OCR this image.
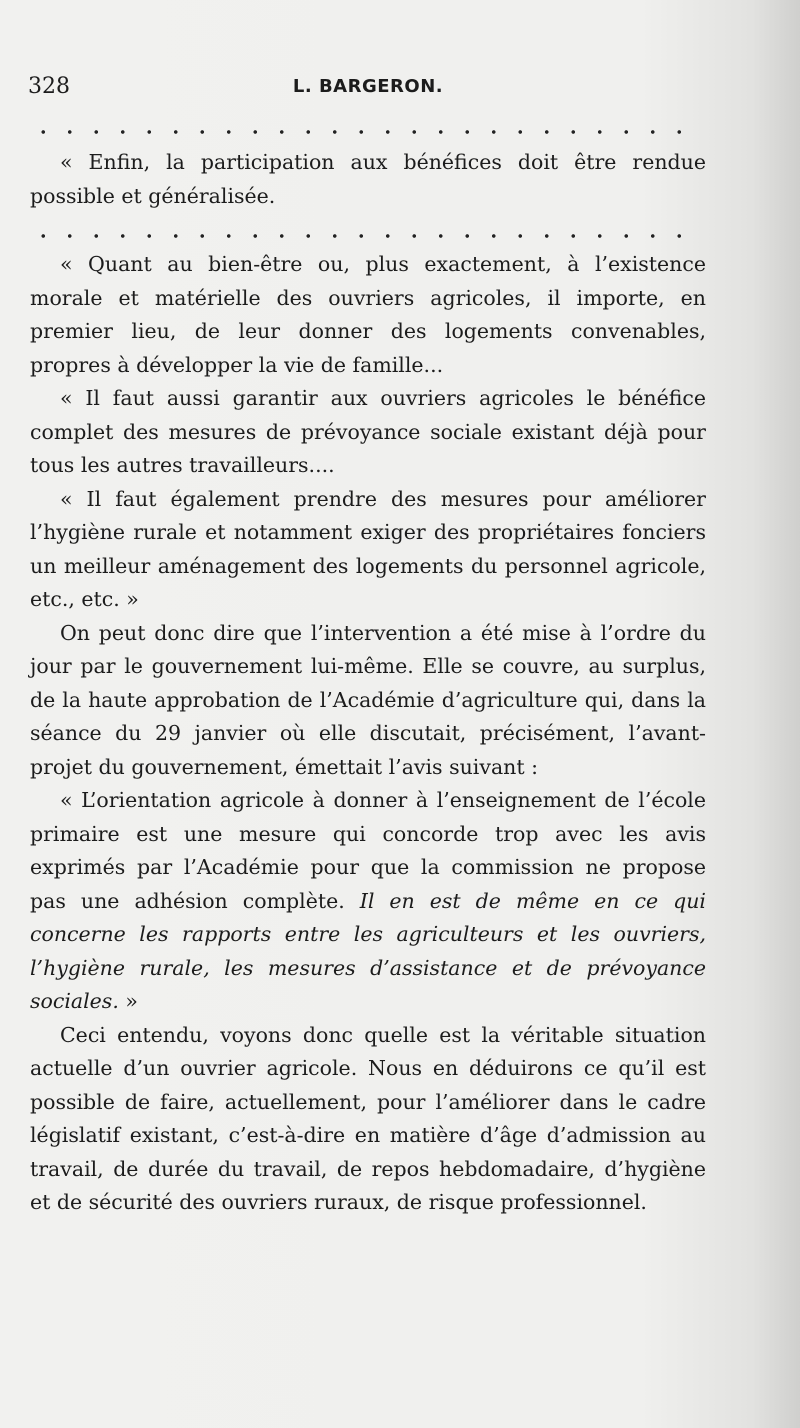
328	L. BARGERON.

« Enfin, la participation aux bénéfices doit être rendue possible et généralisée.

« Quant au bien-être ou, plus exactement, à l’existence morale et matérielle des ouvriers agricoles, il importe, en premier lieu, de leur donner des logements convenables, propres à développer la vie de famille...

« Il faut aussi garantir aux ouvriers agricoles le bénéfice complet des mesures de prévoyance sociale existant déjà pour tous les autres travailleurs....

« Il faut également prendre des mesures pour améliorer l’hygiène rurale et notamment exiger des propriétaires fonciers un meilleur aménagement des logements du personnel agricole, etc., etc. »

On peut donc dire que l’intervention a été mise à l’ordre du jour par le gouvernement lui-même. Elle se couvre, au surplus, de la haute approbation de l’Académie d’agriculture qui, dans la séance du 29 janvier où elle discutait, précisément, l’avant-projet du gouvernement, émettait l’avis suivant :

« L’orientation agricole à donner à l’enseignement de l’école primaire est une mesure qui concorde trop avec les avis exprimés par l’Académie pour que la commission ne propose pas une adhésion complète. Il en est de même en ce qui concerne les rapports entre les agriculteurs et les ouvriers, l’hygiène rurale, les mesures d’assistance et de prévoyance sociales. »

Ceci entendu, voyons donc quelle est la véritable situation actuelle d’un ouvrier agricole. Nous en déduirons ce qu’il est possible de faire, actuellement, pour l’améliorer dans le cadre législatif existant, c’est-à-dire en matière d’âge d’admission au travail, de durée du travail, de repos hebdomadaire, d’hygiène et de sécurité des ouvriers ruraux, de risque professionnel.
